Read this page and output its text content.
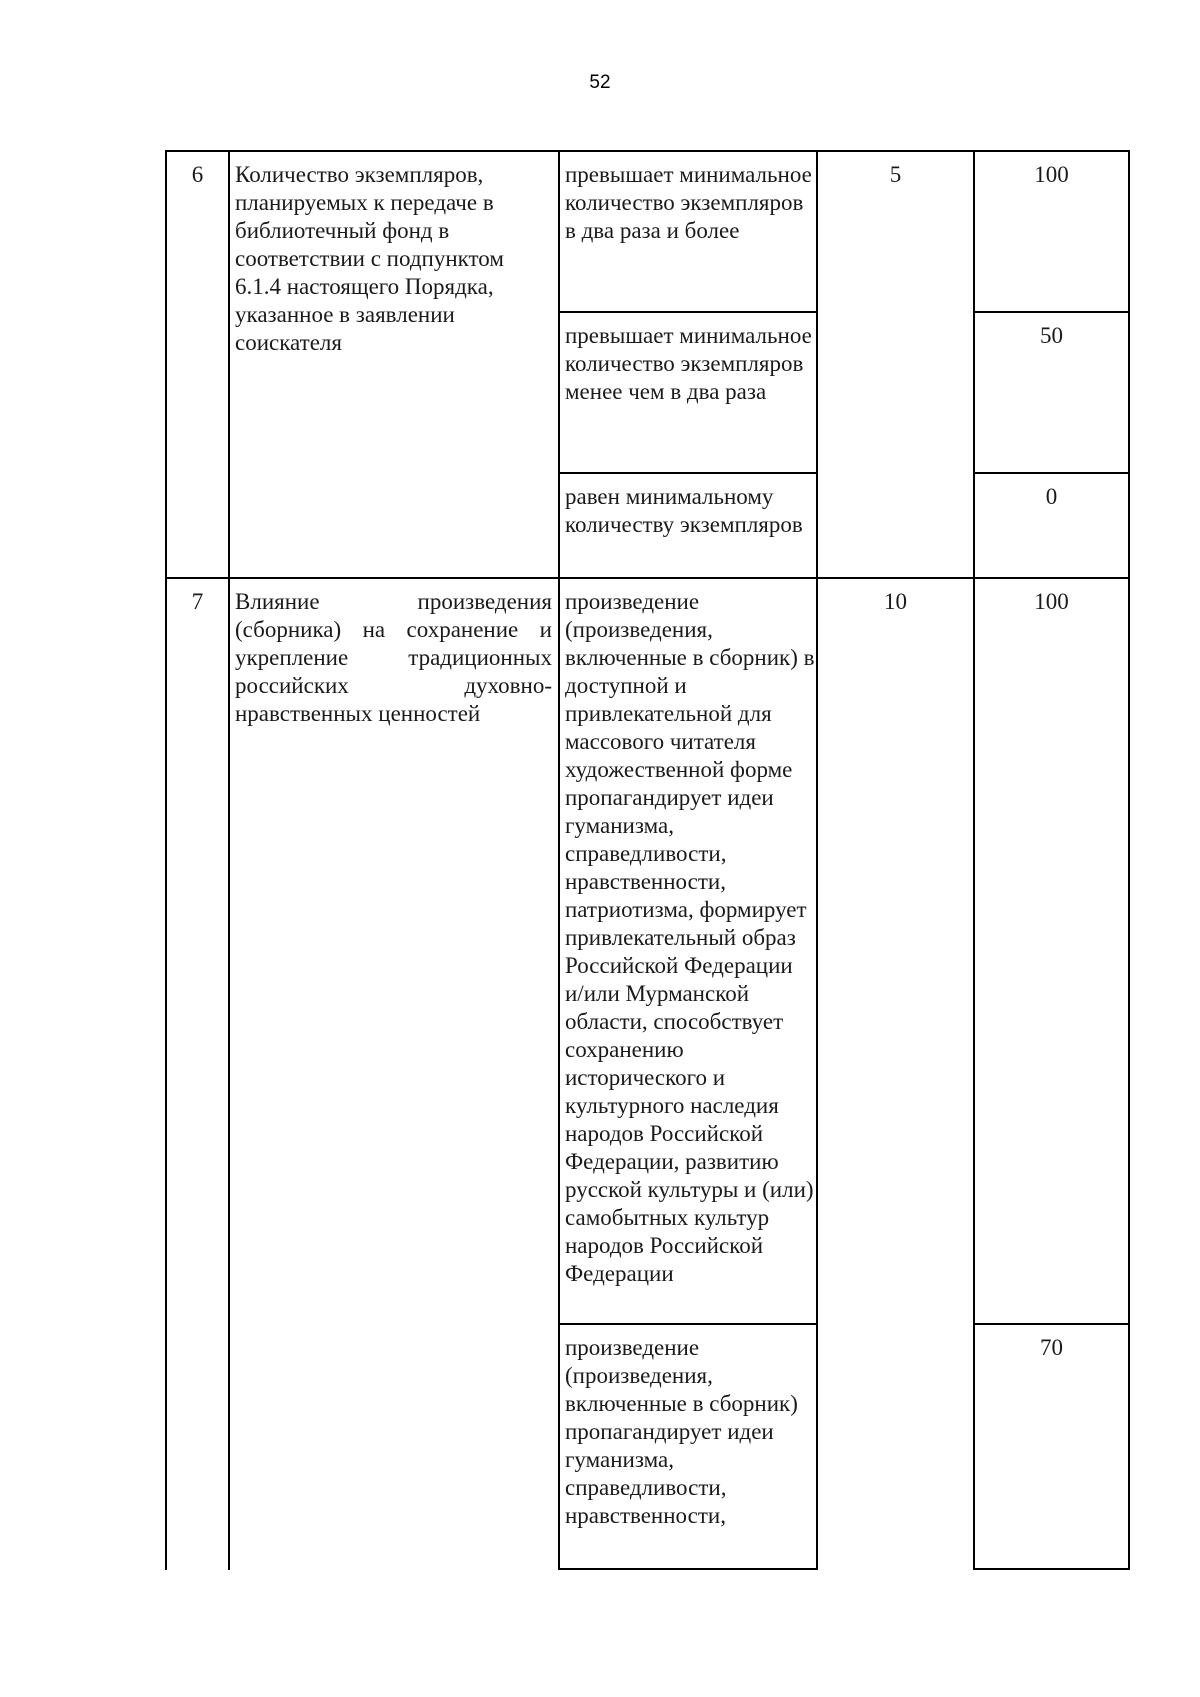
52
6	Количество экземпляров, планируемых к передаче в библиотечный фонд в соответствии с подпунктом 6.1.4 настоящего Порядка, указанное в заявлении соискателя
5
превышает минимальное количество экземпляров в два раза и более
100
превышает минимальное количество экземпляров менее чем в два раза
50
равен минимальному количеству экземпляров
0
7	Влияние произведения (сборника) на сохранение и укрепление традиционных российских духовно-нравственных ценностей
10
произведение (произведения, включенные в сборник) в доступной и привлекательной для массового читателя художественной форме пропагандирует идеи гуманизма, справедливости, нравственности, патриотизма, формирует привлекательный образ Российской Федерации и/или Мурманской области, способствует сохранению исторического и культурного наследия народов Российской Федерации, развитию русской культуры и (или) самобытных культур народов Российской Федерации
100
произведение (произведения, включенные в сборник) пропагандирует идеи гуманизма, справедливости, нравственности,
70
